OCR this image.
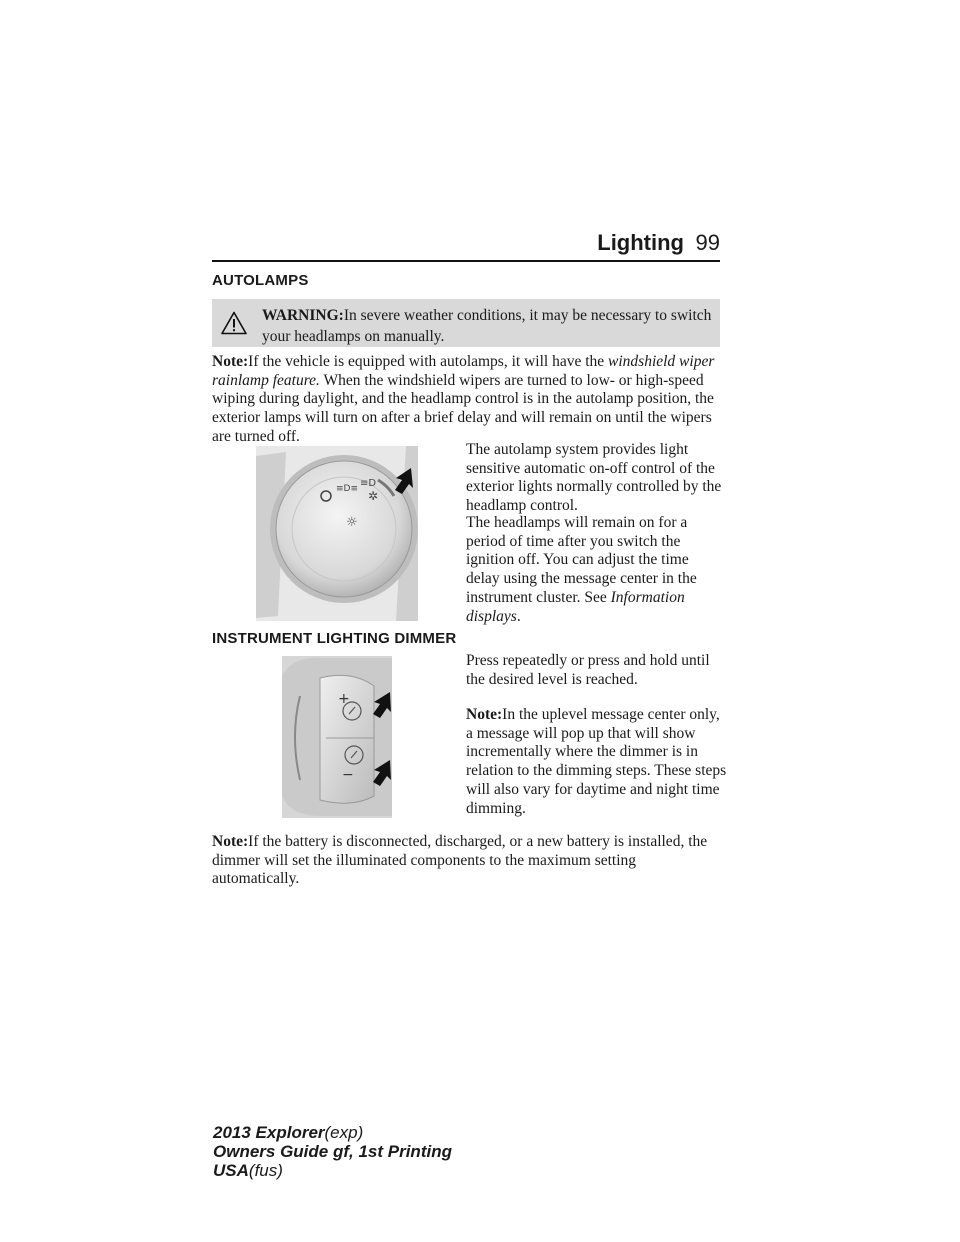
Lighting 99
AUTOLAMPS
WARNING:In severe weather conditions, it may be necessary to switch your headlamps on manually.
Note:If the vehicle is equipped with autolamps, it will have the windshield wiper rainlamp feature. When the windshield wipers are turned to low- or high-speed wiping during daylight, and the headlamp control is in the autolamp position, the exterior lamps will turn on after a brief delay and will remain on until the wipers are turned off.
≡D≡ ≡D
✲
☼
The autolamp system provides light sensitive automatic on-off control of the exterior lights normally controlled by the headlamp control.
The headlamps will remain on for a period of time after you switch the ignition off. You can adjust the time delay using the message center in the instrument cluster. See Information displays.
INSTRUMENT LIGHTING DIMMER
+
−
Press repeatedly or press and hold until the desired level is reached.
Note:In the uplevel message center only, a message will pop up that will show incrementally where the dimmer is in relation to the dimming steps. These steps will also vary for daytime and night time dimming.
Note:If the battery is disconnected, discharged, or a new battery is installed, the dimmer will set the illuminated components to the maximum setting automatically.
2013 Explorer(exp)
Owners Guide gf, 1st Printing
USA(fus)
